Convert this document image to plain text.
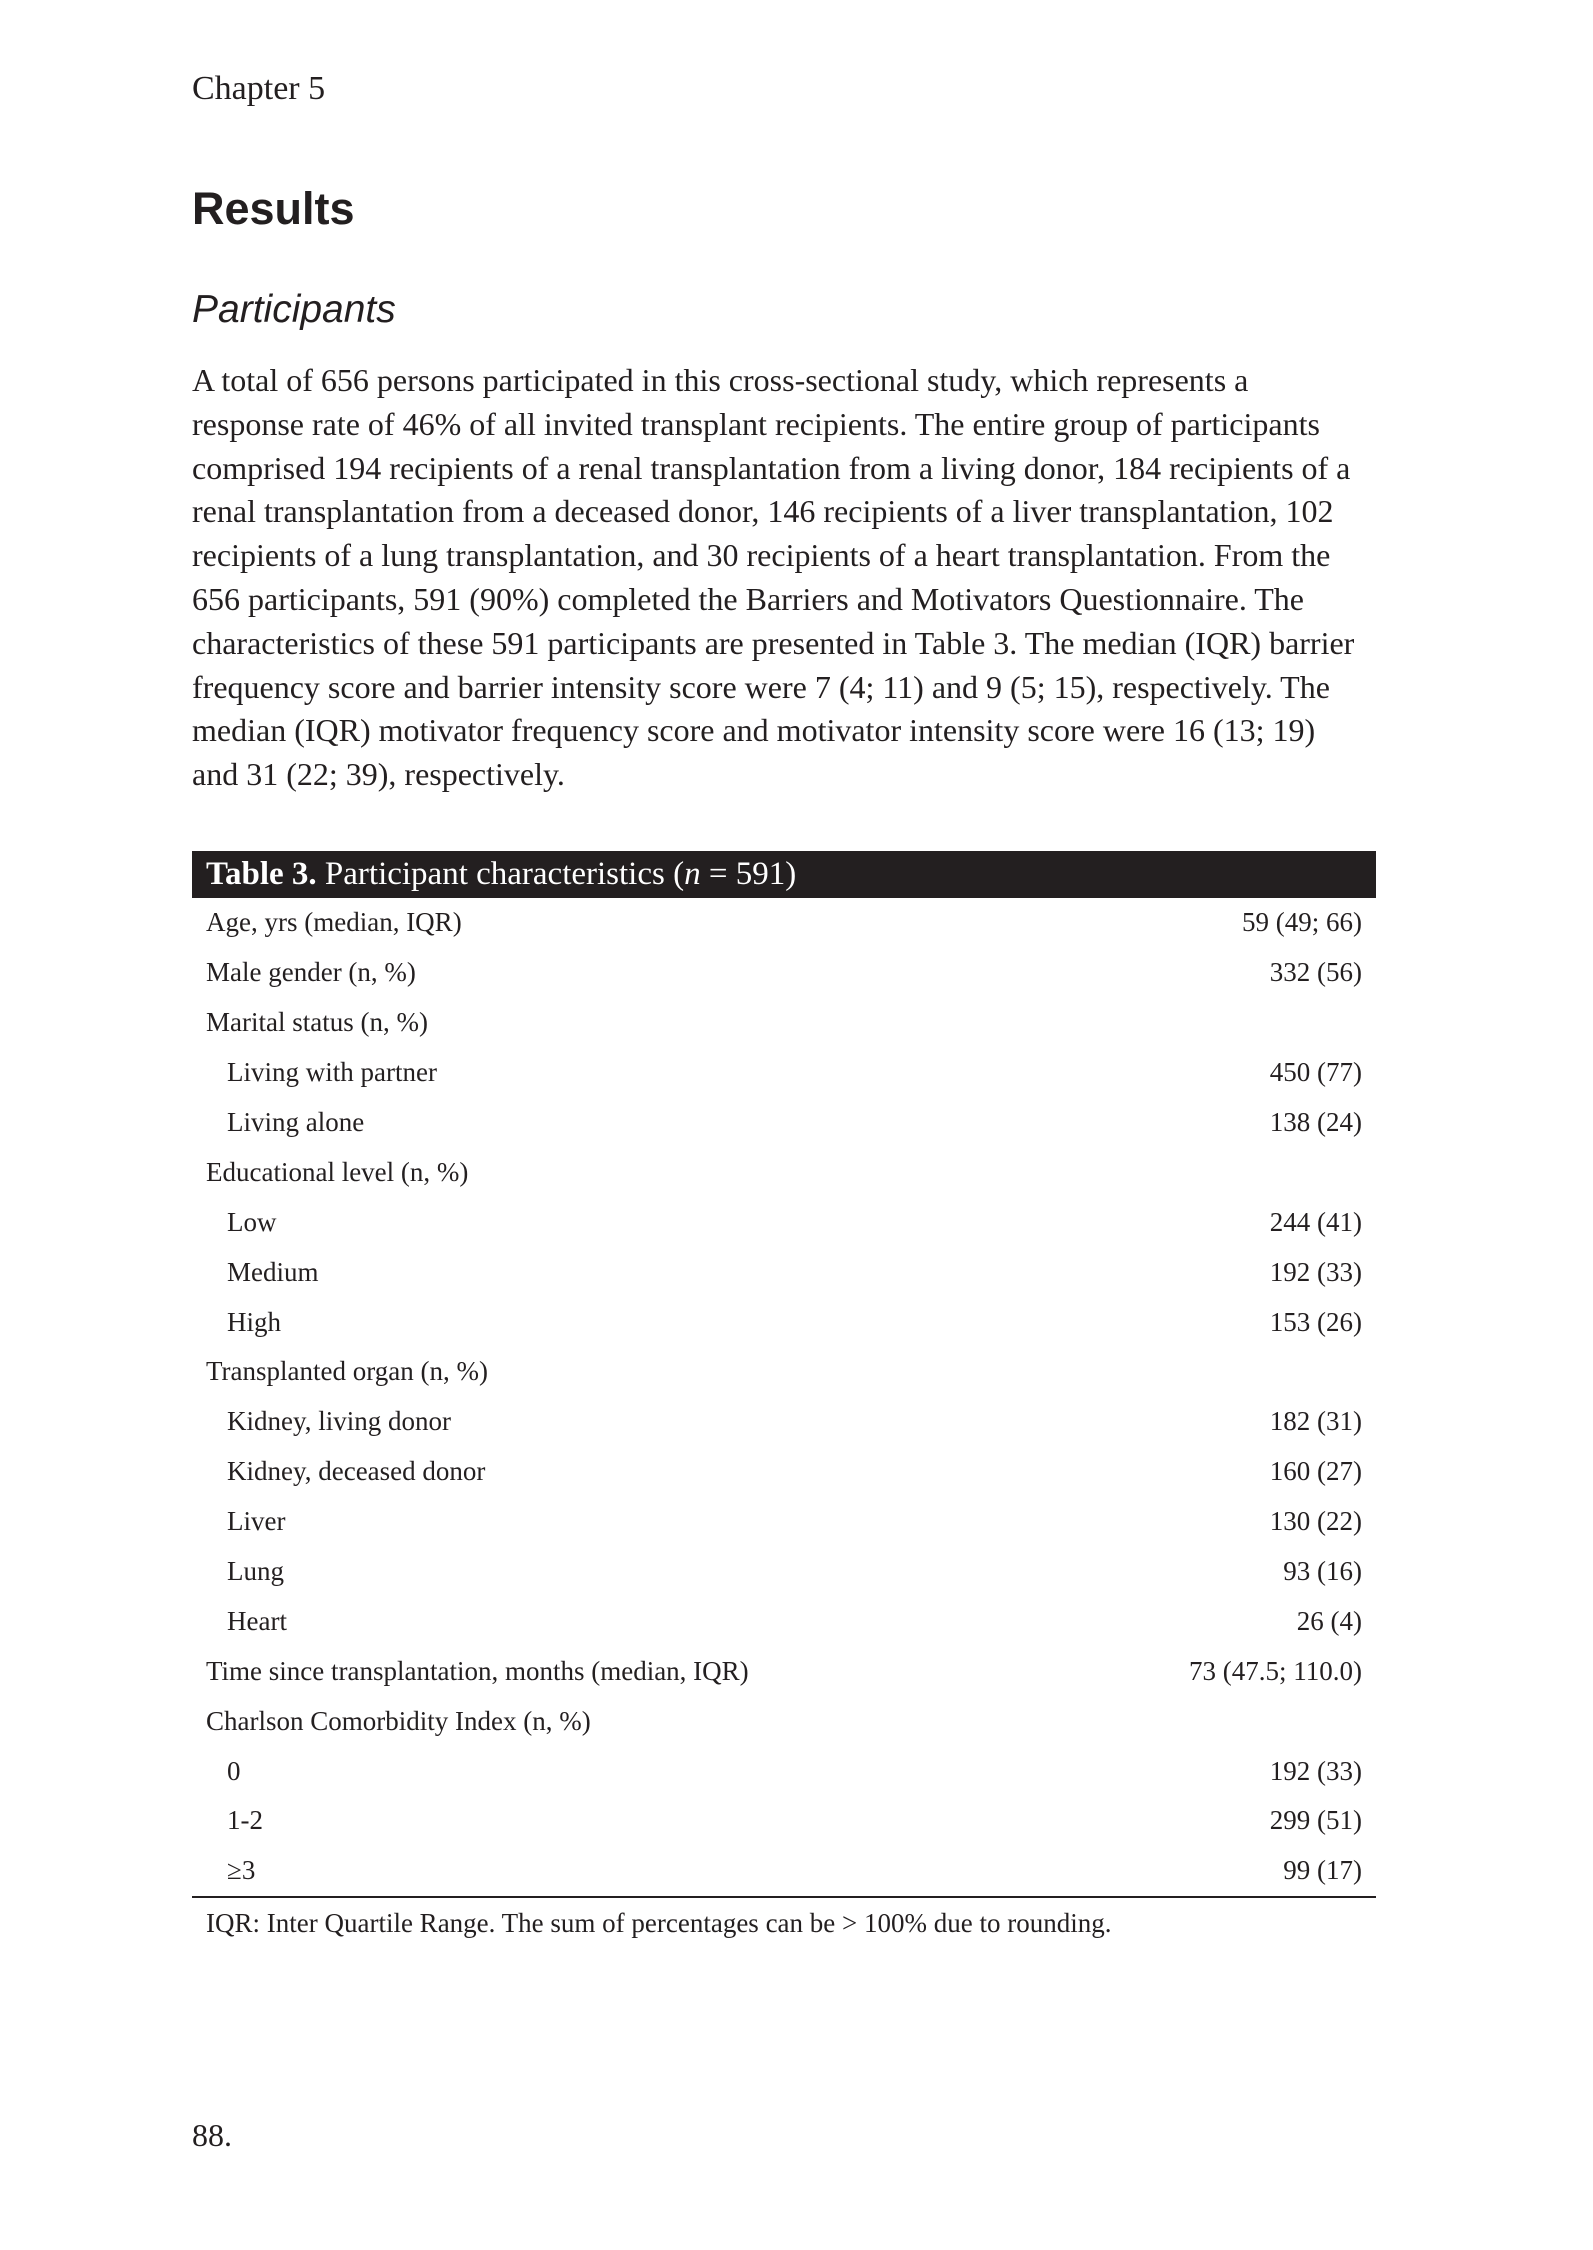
Chapter 5
Results
Participants
A total of 656 persons participated in this cross-sectional study, which represents a
response rate of 46% of all invited transplant recipients. The entire group of participants
comprised 194 recipients of a renal transplantation from a living donor, 184 recipients of a
renal transplantation from a deceased donor, 146 recipients of a liver transplantation, 102
recipients of a lung transplantation, and 30 recipients of a heart transplantation. From the
656 participants, 591 (90%) completed the Barriers and Motivators Questionnaire. The
characteristics of these 591 participants are presented in Table 3. The median (IQR) barrier
frequency score and barrier intensity score were 7 (4; 11) and 9 (5; 15), respectively. The
median (IQR) motivator frequency score and motivator intensity score were 16 (13; 19)
and 31 (22; 39), respectively.
Table 3. Participant characteristics (n = 591)
Age, yrs (median, IQR)	59 (49; 66)
Male gender (n, %)	332 (56)
Marital status (n, %)
Living with partner	450 (77)
Living alone	138 (24)
Educational level (n, %)
Low	244 (41)
Medium	192 (33)
High	153 (26)
Transplanted organ (n, %)
Kidney, living donor	182 (31)
Kidney, deceased donor	160 (27)
Liver	130 (22)
Lung	93 (16)
Heart	26 (4)
Time since transplantation, months (median, IQR)	73 (47.5; 110.0)
Charlson Comorbidity Index (n, %)
0	192 (33)
1-2	299 (51)
≥3	99 (17)
IQR: Inter Quartile Range. The sum of percentages can be > 100% due to rounding.
88.
